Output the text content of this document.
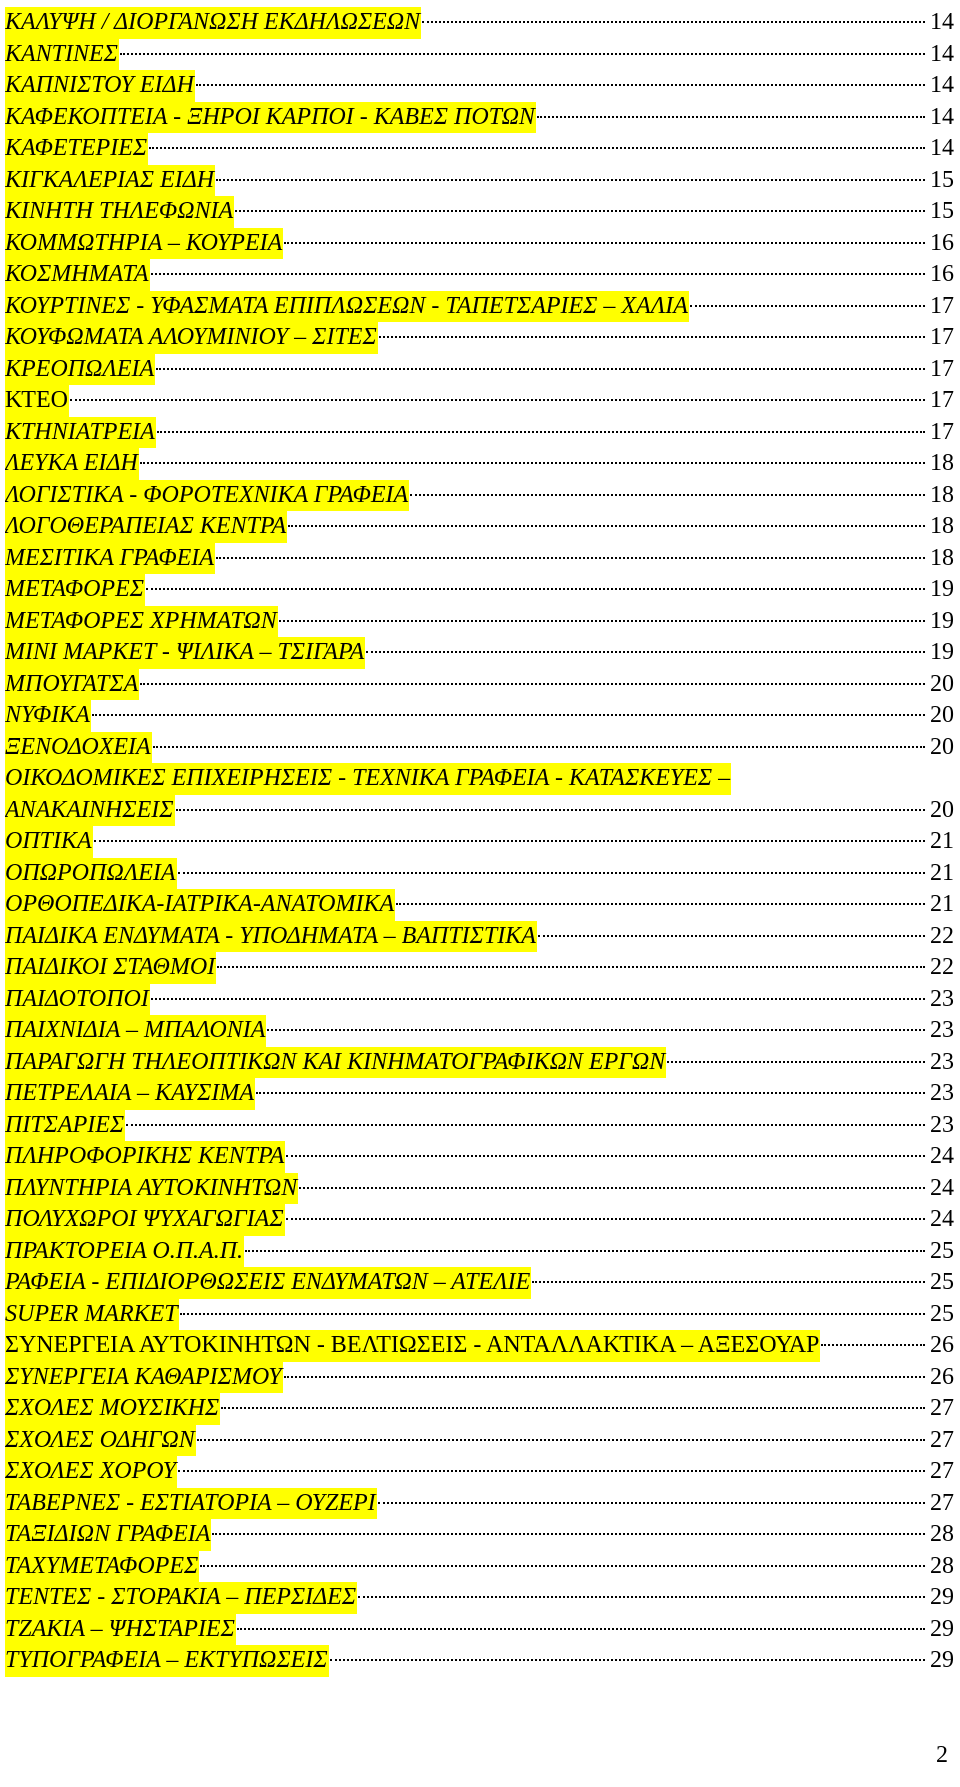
ΚΑΛΥΨΗ / ΔΙΟΡΓΑΝΩΣΗ ΕΚΔΗΛΩΣΕΩΝ	14
ΚΑΝΤΙΝΕΣ	14
ΚΑΠΝΙΣΤΟΥ ΕΙΔΗ	14
ΚΑΦΕΚΟΠΤΕΙΑ - ΞΗΡΟΙ ΚΑΡΠΟΙ - ΚΑΒΕΣ ΠΟΤΩΝ	14
ΚΑΦΕΤΕΡΙΕΣ	14
ΚΙΓΚΑΛΕΡΙΑΣ ΕΙΔΗ	15
ΚΙΝΗΤΗ ΤΗΛΕΦΩΝΙΑ	15
ΚΟΜΜΩΤΗΡΙΑ – ΚΟΥΡΕΙΑ	16
ΚΟΣΜΗΜΑΤΑ	16
ΚΟΥΡΤΙΝΕΣ - ΥΦΑΣΜΑΤΑ ΕΠΙΠΛΩΣΕΩΝ - ΤΑΠΕΤΣΑΡΙΕΣ – ΧΑΛΙΑ	17
ΚΟΥΦΩΜΑΤΑ ΑΛΟΥΜΙΝΙΟΥ – ΣΙΤΕΣ	17
ΚΡΕΟΠΩΛΕΙΑ	17
ΚΤΕΟ	17
ΚΤΗΝΙΑΤΡΕΙΑ	17
ΛΕΥΚΑ ΕΙΔΗ	18
ΛΟΓΙΣΤΙΚΑ - ΦΟΡΟΤΕΧΝΙΚΑ ΓΡΑΦΕΙΑ	18
ΛΟΓΟΘΕΡΑΠΕΙΑΣ ΚΕΝΤΡΑ	18
ΜΕΣΙΤΙΚΑ ΓΡΑΦΕΙΑ	18
ΜΕΤΑΦΟΡΕΣ	19
ΜΕΤΑΦΟΡΕΣ ΧΡΗΜΑΤΩΝ	19
ΜΙΝΙ ΜΑΡΚΕΤ - ΨΙΛΙΚΑ – ΤΣΙΓΑΡΑ	19
ΜΠΟΥΓΑΤΣΑ	20
ΝΥΦΙΚΑ	20
ΞΕΝΟΔΟΧΕΙΑ	20
ΟΙΚΟΔΟΜΙΚΕΣ ΕΠΙΧΕΙΡΗΣΕΙΣ - ΤΕΧΝΙΚΑ ΓΡΑΦΕΙΑ - ΚΑΤΑΣΚΕΥΕΣ –
ΑΝΑΚΑΙΝΗΣΕΙΣ	20
ΟΠΤΙΚΑ	21
ΟΠΩΡΟΠΩΛΕΙΑ	21
ΟΡΘΟΠΕΔΙΚΑ-ΙΑΤΡΙΚΑ-ΑΝΑΤΟΜΙΚΑ	21
ΠΑΙΔΙΚΑ ΕΝΔΥΜΑΤΑ - ΥΠΟΔΗΜΑΤΑ – ΒΑΠΤΙΣΤΙΚΑ	22
ΠΑΙΔΙΚΟΙ ΣΤΑΘΜΟΙ	22
ΠΑΙΔΟΤΟΠΟΙ	23
ΠΑΙΧΝΙΔΙΑ – ΜΠΑΛΟΝΙΑ	23
ΠΑΡΑΓΩΓΗ ΤΗΛΕΟΠΤΙΚΩΝ ΚΑΙ ΚΙΝΗΜΑΤΟΓΡΑΦΙΚΩΝ ΕΡΓΩΝ	23
ΠΕΤΡΕΛΑΙΑ – ΚΑΥΣΙΜΑ	23
ΠΙΤΣΑΡΙΕΣ	23
ΠΛΗΡΟΦΟΡΙΚΗΣ ΚΕΝΤΡΑ	24
ΠΛΥΝΤΗΡΙΑ ΑΥΤΟΚΙΝΗΤΩΝ	24
ΠΟΛΥΧΩΡΟΙ ΨΥΧΑΓΩΓΙΑΣ	24
ΠΡΑΚΤΟΡΕΙΑ Ο.Π.Α.Π.	25
ΡΑΦΕΙΑ - ΕΠΙΔΙΟΡΘΩΣΕΙΣ ΕΝΔΥΜΑΤΩΝ – ΑΤΕΛΙΕ	25
SUPER MARKET	25
ΣΥΝΕΡΓΕΙΑ ΑΥΤΟΚΙΝΗΤΩΝ - ΒΕΛΤΙΩΣΕΙΣ - ΑΝΤΑΛΛΑΚΤΙΚΑ – ΑΞΕΣΟΥΑΡ	26
ΣΥΝΕΡΓΕΙΑ ΚΑΘΑΡΙΣΜΟΥ	26
ΣΧΟΛΕΣ ΜΟΥΣΙΚΗΣ	27
ΣΧΟΛΕΣ ΟΔΗΓΩΝ	27
ΣΧΟΛΕΣ ΧΟΡΟΥ	27
ΤΑΒΕΡΝΕΣ - ΕΣΤΙΑΤΟΡΙΑ – ΟΥΖΕΡΙ	27
ΤΑΞΙΔΙΩΝ ΓΡΑΦΕΙΑ	28
ΤΑΧΥΜΕΤΑΦΟΡΕΣ	28
ΤΕΝΤΕΣ - ΣΤΟΡΑΚΙΑ – ΠΕΡΣΙΔΕΣ	29
ΤΖΑΚΙΑ – ΨΗΣΤΑΡΙΕΣ	29
ΤΥΠΟΓΡΑΦΕΙΑ – ΕΚΤΥΠΩΣΕΙΣ	29
2
